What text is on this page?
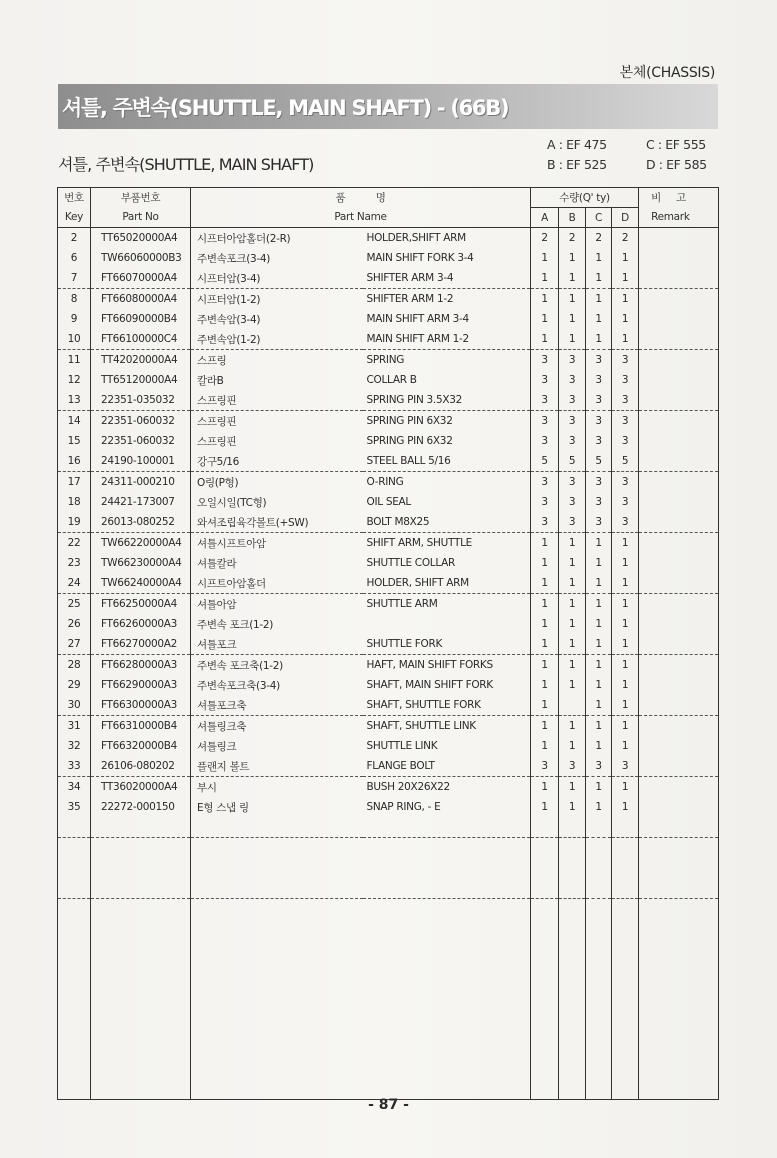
본체(CHASSIS)
셔틀, 주변속(SHUTTLE, MAIN SHAFT) - (66B)
셔틀, 주변속(SHUTTLE, MAIN SHAFT)
A : EF 475
B : EF 525
C : EF 555
D : EF 585
번호	부품번호	품          명		수량(Q' ty)				비     고
Key	Part No	Part Name		A	B	C	D	Remark
2	TT65020000A4	시프터아암홀더(2-R)	HOLDER,SHIFT ARM	2	2	2	2	
6	TW66060000B3	주변속포크(3-4)	MAIN SHIFT FORK 3-4	1	1	1	1	
7	FT66070000A4	시프터암(3-4)	SHIFTER ARM 3-4	1	1	1	1	
8	FT66080000A4	시프터암(1-2)	SHIFTER ARM 1-2	1	1	1	1	
9	FT66090000B4	주변속암(3-4)	MAIN SHIFT ARM 3-4	1	1	1	1	
10	FT66100000C4	주변속암(1-2)	MAIN SHIFT ARM 1-2	1	1	1	1	
11	TT42020000A4	스프링	SPRING	3	3	3	3	
12	TT65120000A4	칼라B	COLLAR B	3	3	3	3	
13	22351-035032	스프링핀	SPRING PIN 3.5X32	3	3	3	3	
14	22351-060032	스프링핀	SPRING PIN 6X32	3	3	3	3	
15	22351-060032	스프링핀	SPRING PIN 6X32	3	3	3	3	
16	24190-100001	강구5/16	STEEL BALL 5/16	5	5	5	5	
17	24311-000210	O링(P형)	O-RING	3	3	3	3	
18	24421-173007	오일시일(TC형)	OIL SEAL	3	3	3	3	
19	26013-080252	와셔조립육각볼트(+SW)	BOLT M8X25	3	3	3	3	
22	TW66220000A4	셔틀시프트아암	SHIFT ARM, SHUTTLE	1	1	1	1	
23	TW66230000A4	셔틀칼라	SHUTTLE COLLAR	1	1	1	1	
24	TW66240000A4	시프트아암홀더	HOLDER, SHIFT ARM	1	1	1	1	
25	FT66250000A4	셔틀아암	SHUTTLE ARM	1	1	1	1	
26	FT66260000A3	주변속 포크(1-2)		1	1	1	1	
27	FT66270000A2	셔틀포크	SHUTTLE FORK	1	1	1	1	
28	FT66280000A3	주변속 포크축(1-2)	HAFT, MAIN SHIFT FORKS	1	1	1	1	
29	FT66290000A3	주변속포크축(3-4)	SHAFT, MAIN SHIFT FORK	1	1	1	1	
30	FT66300000A3	셔틀포크축	SHAFT, SHUTTLE FORK	1		1	1	
31	FT66310000B4	셔틀링크축	SHAFT, SHUTTLE LINK	1	1	1	1	
32	FT66320000B4	셔틀링크	SHUTTLE LINK	1	1	1	1	
33	26106-080202	플랜지 볼트	FLANGE BOLT	3	3	3	3	
34	TT36020000A4	부시	BUSH 20X26X22	1	1	1	1	
35	22272-000150	E형 스냅 링	SNAP RING, - E	1	1	1	1	

- 87 -
